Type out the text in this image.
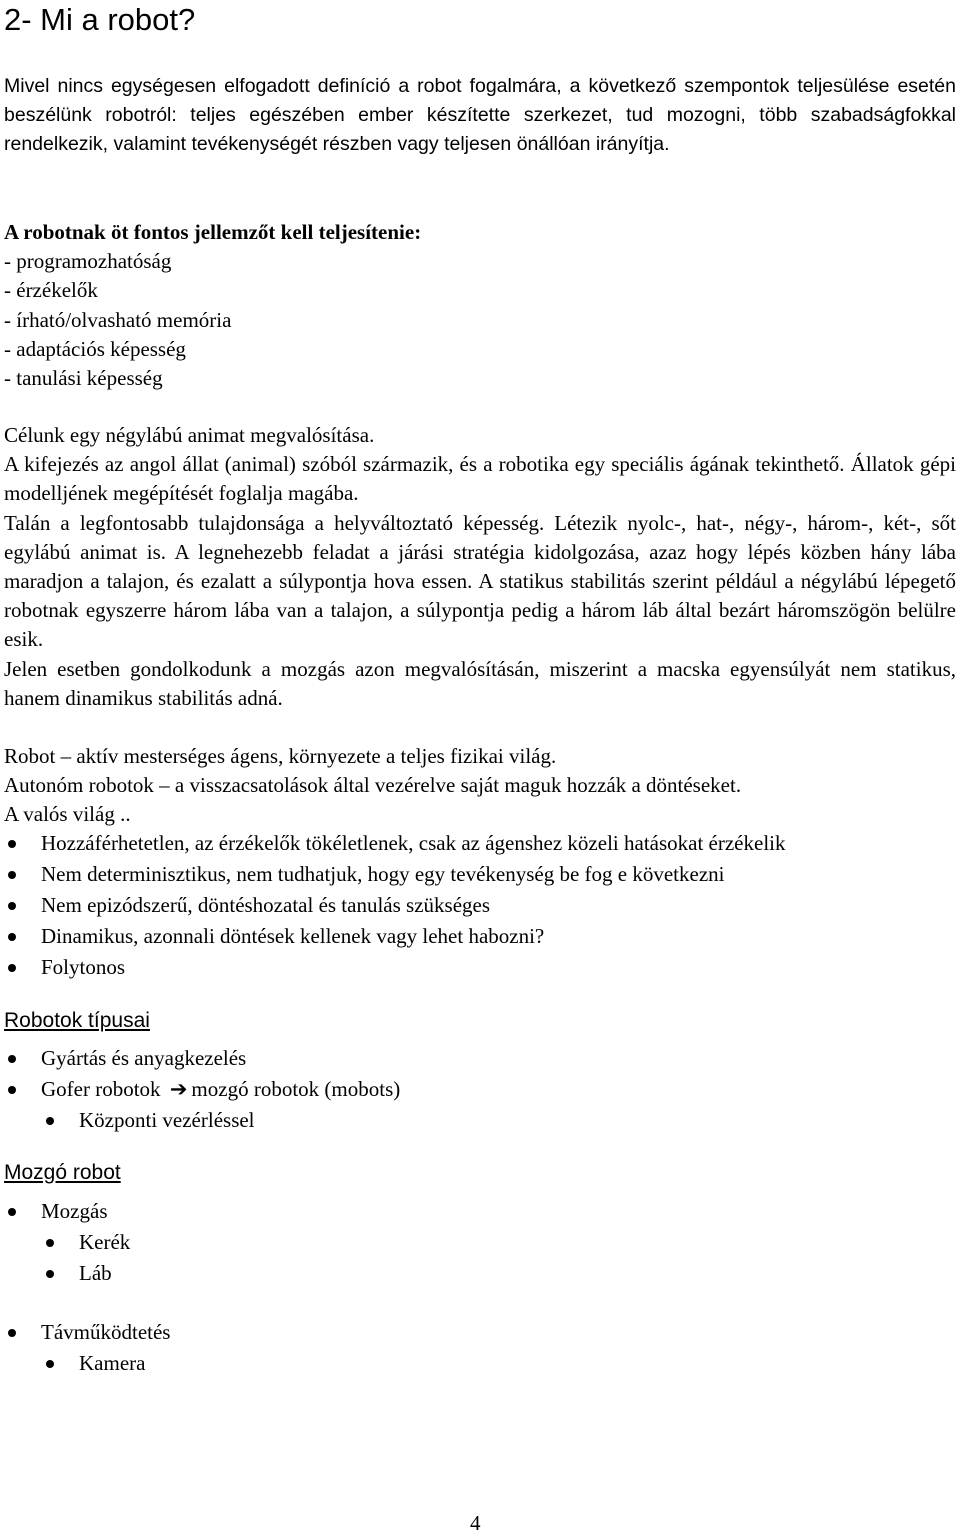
2- Mi a robot?

Mivel nincs egységesen elfogadott definíció a robot fogalmára, a következő szempontok teljesülése esetén beszélünk robotról: teljes egészében ember készítette szerkezet, tud mozogni, több szabadságfokkal rendelkezik, valamint tevékenységét részben vagy teljesen önállóan irányítja.

A robotnak öt fontos jellemzőt kell teljesítenie:

- programozhatóság
- érzékelők
- írható/olvasható memória
- adaptációs képesség
- tanulási képesség

Célunk egy négylábú animat megvalósítása.

A kifejezés az angol állat (animal) szóból származik, és a robotika egy speciális ágának tekinthető. Állatok gépi modelljének megépítését foglalja magába.

Talán a legfontosabb tulajdonsága a helyváltoztató képesség. Létezik nyolc-, hat-, négy-, három-, két-, sőt egylábú animat is. A legnehezebb feladat a járási stratégia kidolgozása, azaz hogy lépés közben hány lába maradjon a talajon, és ezalatt a súlypontja hova essen. A statikus stabilitás szerint például a négylábú lépegető robotnak egyszerre három lába van a talajon, a súlypontja pedig a három láb által bezárt háromszögön belülre esik.

Jelen esetben gondolkodunk a mozgás azon megvalósításán, miszerint a macska egyensúlyát nem statikus, hanem dinamikus stabilitás adná.

Robot – aktív mesterséges ágens, környezete a teljes fizikai világ.

Autonóm robotok – a visszacsatolások által vezérelve saját maguk hozzák a döntéseket.

A valós világ ..

Hozzáférhetetlen, az érzékelők tökéletlenek, csak az ágenshez közeli hatásokat érzékelik
Nem determinisztikus, nem tudhatjuk, hogy egy tevékenység be fog e következni
Nem epizódszerű, döntéshozatal és tanulás szükséges
Dinamikus, azonnali döntések kellenek vagy lehet habozni?
Folytonos
Robotok típusai
Gyártás és anyagkezelés
Gofer robotok ➔ mozgó robotok (mobots)
Központi vezérléssel
Mozgó robot
Mozgás
Kerék
Láb
Távműködtetés
Kamera
4
